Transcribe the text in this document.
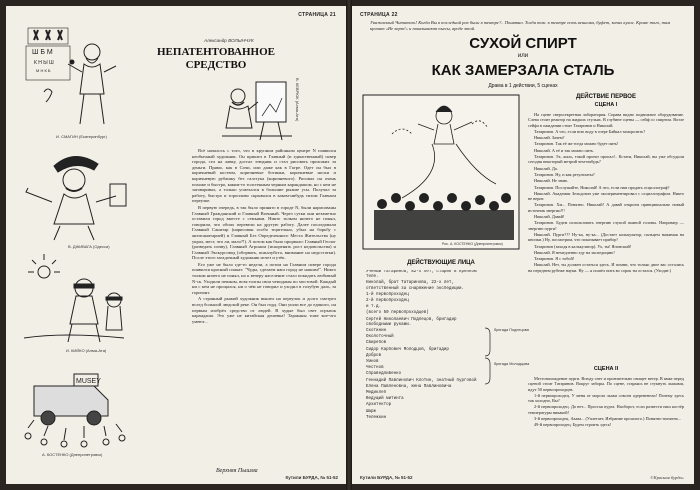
СТРАНИЦА 21
Ш Б М
К Н Ы Ш
М Н К Б
И. СМАГИН (Екатеринбург)
В. ДЖИВАГА (Одесса)
И. КИЙКО (Алма-Ата)
MUSEY
А. КОСТЕНКО (Днепропетровск)
Александр ВОЛЫНЧУК
НЕПАТЕНТОВАННОЕ СРЕДСТВО
В. КЕВРЮК (Алма-Ата)

Всё началось с того, что в крупном районном центре N появился необычный художник. Он пришел в Главный (и единственный) сквер города, сел на лавку, достал этюдник и стал рисовать прохожих за деньги. Прямо, как в Сочи, или даже как в Гагре. Одет он был в коричневый костюм, коричневые ботинки, коричневые носки и коричневую рубашку без галстука (коричневого). Рисовал он очень похоже и быстро, каким-то толстенным черным карандашом, но с кем не заговаривал, а только усмехался в большие рыжие усы. Получал за работу, быстро и торопливо скрывался в каком-нибудь тихом Главном переулке.

В первую очередь, в так было принято в городе N, были нарисованы Главный Гражданский и Главный Военный. Через сутки они незаметно оставили город вместе с семьями. Никто толком ничего не понял, говорили, что обоих перевели на другую работу. Далее последовали Главный Санитар (нарисован особо тщательно, убыл на борьбу с антисанитарией) и Главный Без Определенного Места Жительства (ну украл, мест, что ли, мало?!). А потом как было прорвало: Главный Геолог (разведать почву), Главный Агроном (искоренять рост недовольства) и Главный Экскурсовод (оборвать, пожалуйста, внимание на недостатки). После этого загадочный художник исчез и утёк.

Его уже не было где-то недели, а потом на Главном сквере города появился красный плакат: "Чуды, сделаем наш город не нашим!". Никто толком ничего не понял, но к вечеру население стало покидать любимый N-ск. Уходили пешком, возя толпы свои чемоданы по мостовой. Каждый ни с кем не прощался, ни о чём не говорил и уходил в голубую даль, за горизонт.

А странный рыжий художник вышел на переулок и долго смотрел вслед большой людской реке. Он был горд. Они ушли все до единого, он первым изобрёл средство от людей. В худые был свет огрызок карандаша. Это уже не китайская дешевка! Тараканы тоже кое-что умеют...

Верхняя Пышма
Кутили БУРДА, № 51-52
СТРАНИЦА 22
Уважаемый Читатель! Когда Вы в последний раз были в театре?.. Понятно. Тогда так: в театре есть вешалка, буфет, запах кулис. Кроме того, там кричат «Не верю!» и показывают пьесы, вроде этой.
СУХОЙ СПИРТ
или
КАК ЗАМЕРЗАЛА СТАЛЬ
Драма в 1 действии, 5 сценах
Рис. А. КОСТЕНКО (Днепропетровск)
ДЕЙСТВУЮЩИЕ ЛИЦА

Ученый Татаринов, 82-х лет, старик в крепком теле.

Николай, брат Татаринова, 22-х лет, ответственный за снаряжение экспедиции.

1-й первопроходец

2-й первопроходец

и т.д.

(всего 50 первопроходцев)

Сергей Николаевич Подлецов, бригадир свободными руками.

Скотинин

Околоточный

Свирепов

Сидор Карпович Молодцов, бригадир

Добров

Умнов

Честнов

Справедливенко

Геннадий Павлинович Клотин, знатный пурговой

Елена Павленовна, жена Павлиновича

Медиклеп

Ведущий митинга

Архитектор

Шарж

Тележкин

бригада Подлецова
бригада Молодцова
ДЕЙСТВИЕ ПЕРВОЕ
СЦЕНА I

На сцене сверхсекретная лаборатория. Справа видно подвижное оборудование. Слева стоит реактор на жидких стульях. В глубине сцены — сейф со спиртом. Возле сейфа в ожидании стоят Татаринов и Николай.

Татаринов. А что, если всю воду в озере Байкал заморозить?

Николай. Зачем?

Татаринов. Так её же тогда можно будет пить!

Николай. А её и так можно пить.

Татаринов. Эх, жаль, такой проект пропал!.. Кстати, Николай, вы уже обсудили сегодня некоторый метрий чем-нибудь?

Николай. Да.

Татаринов. Ну, и как результаты?

Николай. Не знаю.

Татаринов. Послушайте, Николай! А что, если нам продать осциллограф?

Николай. Академик Зельдович уже экспериментировал с осциллографом. Никто не верит.

Татаринов. Хм... Понятно. Николай! А давай откроем принципиально новый источник энергии!!!

Николай. Давай!

Татаринов. Будем использовать энергию глупой пьяной головы. Например — энергию пурги!

Николай. Пурги??? Ну-ка, ну-ка... (Достает калькулятор, пальцем нажимая на кнопки.) Ну, посмотрим, что показывает прибор!

Татаринов (заходя в калькулятор). Ух, ты! Японский!

Николай. Я немедленно еду на экспедицию!

Татаринов. Я с тобой!

Николай. Нет, ты должен остаться здесь. И помни, что только двое вас остались на переднем рубеже науки. Ну — я пошёл пить во сорок ты остался. (Уходит.)

СЦЕНА II

Местонахождение пурги. Всюду снег и пронзительно свищет ветер. В ямке перед сценой стоит Татаринов. Вокруг заборы. По сцене, стараясь не стукнуть лыжами, идут 50 первопроходцев.

1-й первопроходец. У меня от мороза лыжи совсем одеревенели! Почему здесь так холодно, Вы?

2-й первопроходец. Да нет... Простая пурга. Наоборот, если развести наш костёр температуры никакой!

3-й первопроходец. Ааааа... (Уплетает, Избрание прошлого.) Понятно-понятно...

49-й первопроходец. Будем строить здесь!

Кутили БУРДА, № 51-52	©Красная бурда»
